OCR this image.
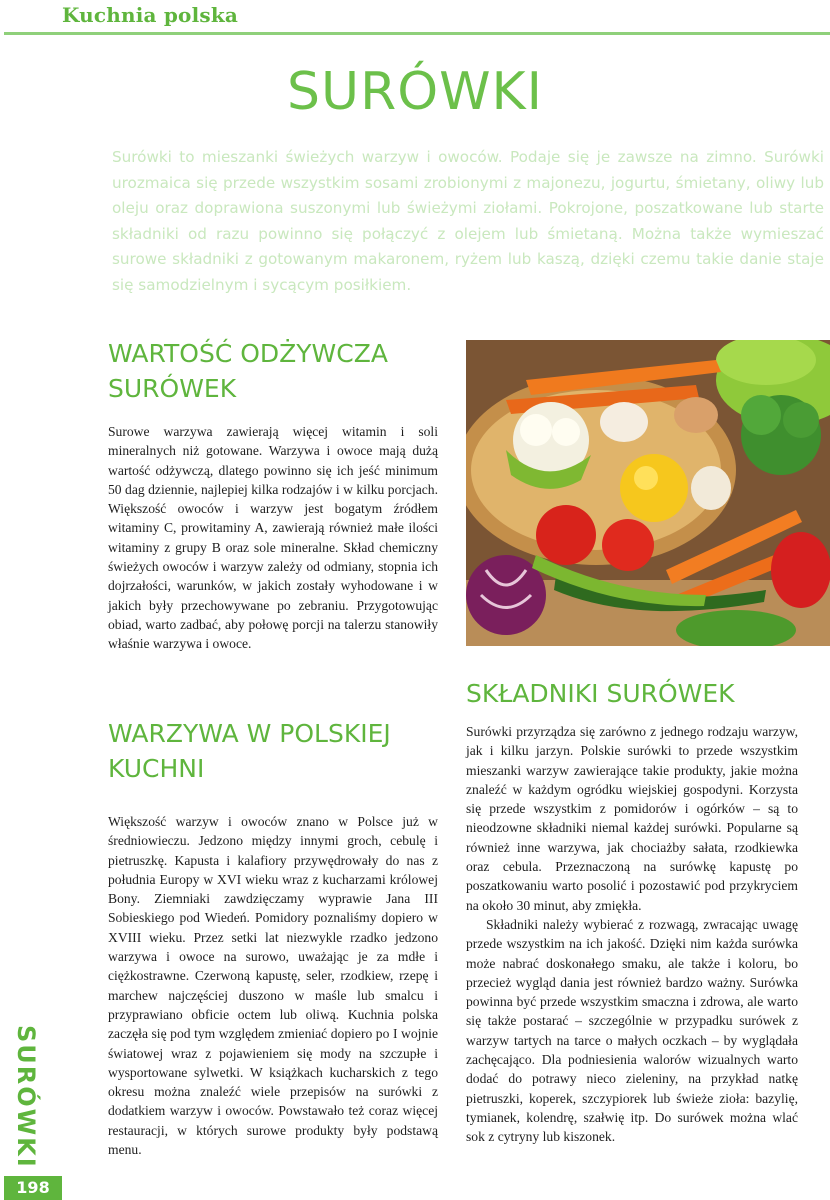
Kuchnia polska
SURÓWKI

Surówki to mieszanki świeżych warzyw i owoców. Podaje się je zawsze na zimno. Surówki urozmaica się przede wszystkim sosami zrobionymi z majonezu, jogurtu, śmietany, oliwy lub oleju oraz doprawiona suszonymi lub świeżymi ziołami. Pokrojone, poszatkowane lub starte składniki od razu powinno się połączyć z olejem lub śmietaną. Można także wymieszać surowe składniki z gotowanym makaronem, ryżem lub kaszą, dzięki czemu takie danie staje się samodzielnym i sycącym posiłkiem.

WARTOŚĆ ODŻYWCZA SURÓWEK

Surowe warzywa zawierają więcej witamin i soli mineralnych niż gotowane. Warzywa i owoce mają dużą wartość odżywczą, dlatego powinno się ich jeść minimum 50 dag dziennie, najlepiej kilka rodzajów i w kilku porcjach. Większość owoców i warzyw jest bogatym źródłem witaminy C, prowitaminy A, zawierają również małe ilości witaminy z grupy B oraz sole mineralne. Skład chemiczny świeżych owoców i warzyw zależy od odmiany, stopnia ich dojrzałości, warunków, w jakich zostały wyhodowane i w jakich były przechowywane po zebraniu. Przygotowując obiad, warto zadbać, aby połowę porcji na talerzu stanowiły właśnie warzywa i owoce.

WARZYWA W POLSKIEJ KUCHNI

Większość warzyw i owoców znano w Polsce już w średniowieczu. Jedzono między innymi groch, cebulę i pietruszkę. Kapusta i kalafiory przywędrowały do nas z południa Europy w XVI wieku wraz z kucharzami królowej Bony. Ziemniaki zawdzięczamy wyprawie Jana III Sobieskiego pod Wiedeń. Pomidory poznaliśmy dopiero w XVIII wieku. Przez setki lat niezwykle rzadko jedzono warzywa i owoce na surowo, uważając je za mdłe i ciężkostrawne. Czerwoną kapustę, seler, rzodkiew, rzepę i marchew najczęściej duszono w maśle lub smalcu i przyprawiano obficie octem lub oliwą. Kuchnia polska zaczęła się pod tym względem zmieniać dopiero po I wojnie światowej wraz z pojawieniem się mody na szczupłe i wysportowane sylwetki. W książkach kucharskich z tego okresu można znaleźć wiele przepisów na surówki z dodatkiem warzyw i owoców. Powstawało też coraz więcej restauracji, w których surowe produkty były podstawą menu.

SKŁADNIKI SURÓWEK

Surówki przyrządza się zarówno z jednego rodzaju warzyw, jak i kilku jarzyn. Polskie surówki to przede wszystkim mieszanki warzyw zawierające takie produkty, jakie można znaleźć w każdym ogródku wiejskiej gospodyni. Korzysta się przede wszystkim z pomidorów i ogórków – są to nieodzowne składniki niemal każdej surówki. Popularne są również inne warzywa, jak chociażby sałata, rzodkiewka oraz cebula. Przeznaczoną na surówkę kapustę po poszatkowaniu warto posolić i pozostawić pod przykryciem na około 30 minut, aby zmiękła.

Składniki należy wybierać z rozwagą, zwracając uwagę przede wszystkim na ich jakość. Dzięki nim każda surówka może nabrać doskonałego smaku, ale także i koloru, bo przecież wygląd dania jest również bardzo ważny. Surówka powinna być przede wszystkim smaczna i zdrowa, ale warto się także postarać – szczególnie w przypadku surówek z warzyw tartych na tarce o małych oczkach – by wyglądała zachęcająco. Dla podniesienia walorów wizualnych warto dodać do potrawy nieco zieleniny, na przykład natkę pietruszki, koperek, szczypiorek lub świeże zioła: bazylię, tymianek, kolendrę, szałwię itp. Do surówek można wlać sok z cytryny lub kiszonek.

SURÓWKI
198
